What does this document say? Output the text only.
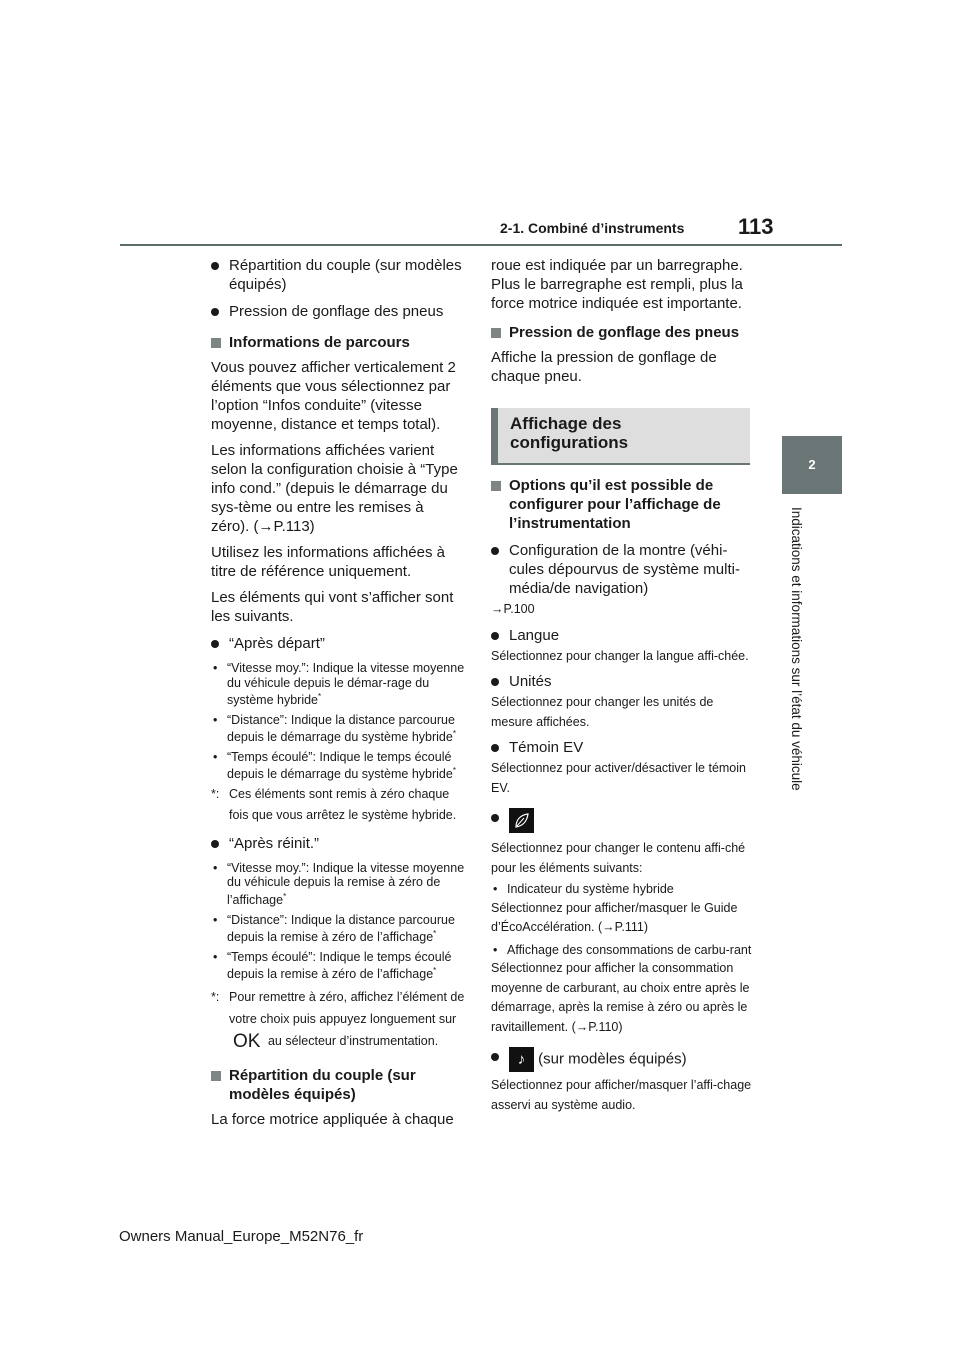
2-1. Combiné d’instruments 113
2
Indications et informations sur l’état du véhicule

Répartition du couple (sur modèles équipés)

Pression de gonflage des pneus

Informations de parcours

Vous pouvez afficher verticalement 2 éléments que vous sélectionnez par l’option “Infos conduite” (vitesse moyenne, distance et temps total).

Les informations affichées varient selon la configuration choisie à “Type info cond.” (depuis le démarrage du sys-tème ou entre les remises à zéro). (→P.113)

Utilisez les informations affichées à titre de référence uniquement.

Les éléments qui vont s’afficher sont les suivants.

“Après départ”

• “Vitesse moy.”: Indique la vitesse moyenne du véhicule depuis le démar-rage du système hybride*

• “Distance”: Indique la distance parcourue depuis le démarrage du système hybride*

• “Temps écoulé”: Indique le temps écoulé depuis le démarrage du système hybride*

*: Ces éléments sont remis à zéro chaque fois que vous arrêtez le système hybride.

“Après réinit.”

• “Vitesse moy.”: Indique la vitesse moyenne du véhicule depuis la remise à zéro de l’affichage*

• “Distance”: Indique la distance parcourue depuis la remise à zéro de l’affichage*

• “Temps écoulé”: Indique le temps écoulé depuis la remise à zéro de l’affichage*

*: Pour remettre à zéro, affichez l’élément de votre choix puis appuyez longuement sur OK au sélecteur d’instrumentation.

Répartition du couple (sur modèles équipés)

La force motrice appliquée à chaque

roue est indiquée par un barregraphe. Plus le barregraphe est rempli, plus la force motrice indiquée est importante.

Pression de gonflage des pneus

Affiche la pression de gonflage de chaque pneu.

Affichage des configurations

Options qu’il est possible de configurer pour l’affichage de l’instrumentation

Configuration de la montre (véhi-cules dépourvus de système multi-média/de navigation)

→P.100

Langue

Sélectionnez pour changer la langue affi-chée.

Unités

Sélectionnez pour changer les unités de mesure affichées.

Témoin EV

Sélectionnez pour activer/désactiver le témoin EV.

Sélectionnez pour changer le contenu affi-ché pour les éléments suivants:

• Indicateur du système hybride

Sélectionnez pour afficher/masquer le Guide d’ÉcoAccélération. (→P.111)

• Affichage des consommations de carbu-rant

Sélectionnez pour afficher la consommation moyenne de carburant, au choix entre après le démarrage, après la remise à zéro ou après le ravitaillement. (→P.110)

♪ (sur modèles équipés)

Sélectionnez pour afficher/masquer l’affi-chage asservi au système audio.

Owners Manual_Europe_M52N76_fr
